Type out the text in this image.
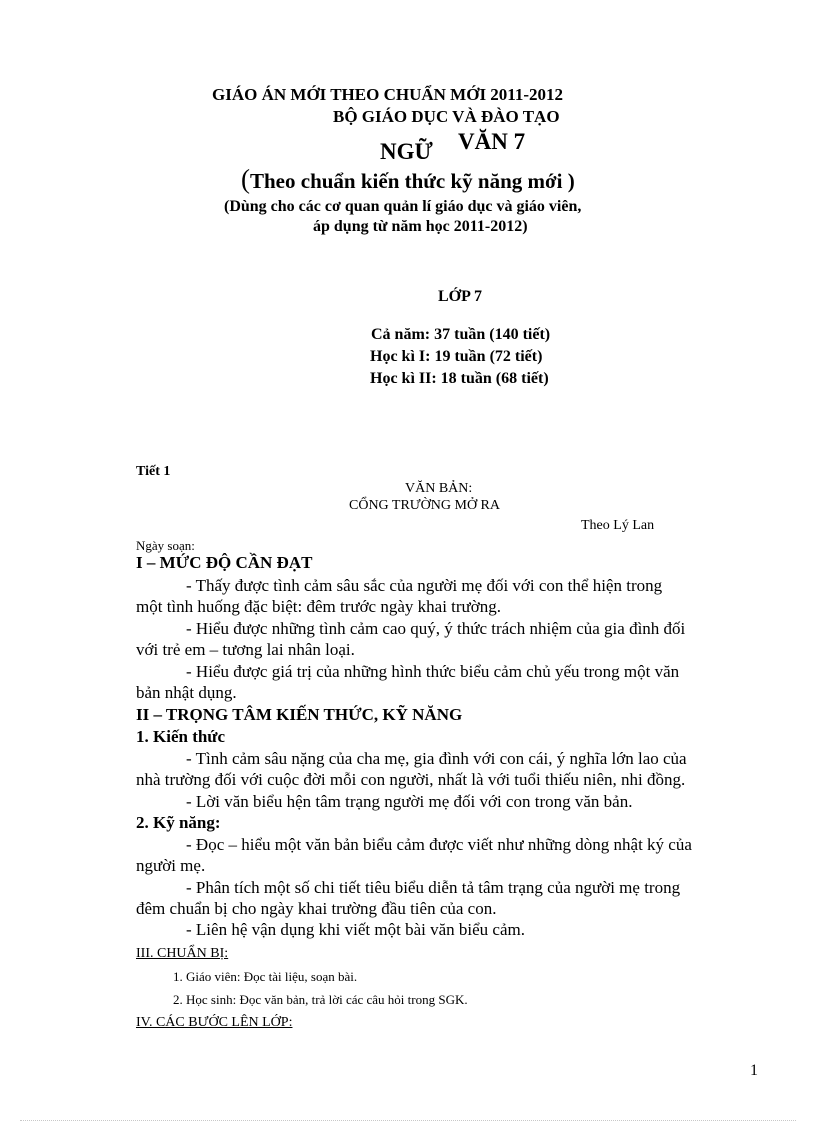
GIÁO ÁN MỚI THEO CHUẨN MỚI 2011-2012
BỘ GIÁO DỤC VÀ ĐÀO TẠO
NGỮ VĂN 7
(Theo chuẩn kiến thức kỹ năng mới )
(Dùng cho các cơ quan quản lí giáo dục và giáo viên,
áp dụng từ năm học 2011-2012)
LỚP 7
Cả năm: 37 tuần (140 tiết)
Học kì I: 19 tuần (72 tiết)
Học kì II: 18 tuần (68 tiết)
Tiết 1
VĂN BẢN:
CỔNG TRƯỜNG MỞ RA
Theo Lý Lan
Ngày soạn:
I – MỨC ĐỘ CẦN ĐẠT
- Thấy được tình cảm sâu sắc của người mẹ đối với con thể hiện trong
một tình huống đặc biệt: đêm trước ngày khai trường.
- Hiểu được những tình cảm cao quý, ý thức trách nhiệm của gia đình đối
với trẻ em – tương lai nhân loại.
- Hiểu được giá trị của những hình thức biểu cảm chủ yếu trong một văn
bản nhật dụng.
II – TRỌNG TÂM KIẾN THỨC, KỸ NĂNG
1. Kiến thức
- Tình cảm sâu nặng của cha mẹ, gia đình với con cái, ý nghĩa lớn lao của
nhà trường đối với cuộc đời mỗi con người, nhất là với tuổi thiếu niên, nhi đồng.
- Lời văn biểu hện tâm trạng người mẹ đối với con trong văn bản.
2. Kỹ năng:
- Đọc – hiểu một văn bản biểu cảm được viết như những dòng nhật ký của
người mẹ.
- Phân tích một số chi tiết tiêu biểu diễn tả tâm trạng của người mẹ trong
đêm chuẩn bị cho ngày khai trường đầu tiên của con.
- Liên hệ vận dụng khi viết một bài văn biểu cảm.
III. CHUẨN BỊ:
1. Giáo viên: Đọc tài liệu, soạn bài.
2. Học sinh: Đọc văn bản, trả lời các câu hỏi trong SGK.
IV. CÁC BƯỚC LÊN LỚP:
1
